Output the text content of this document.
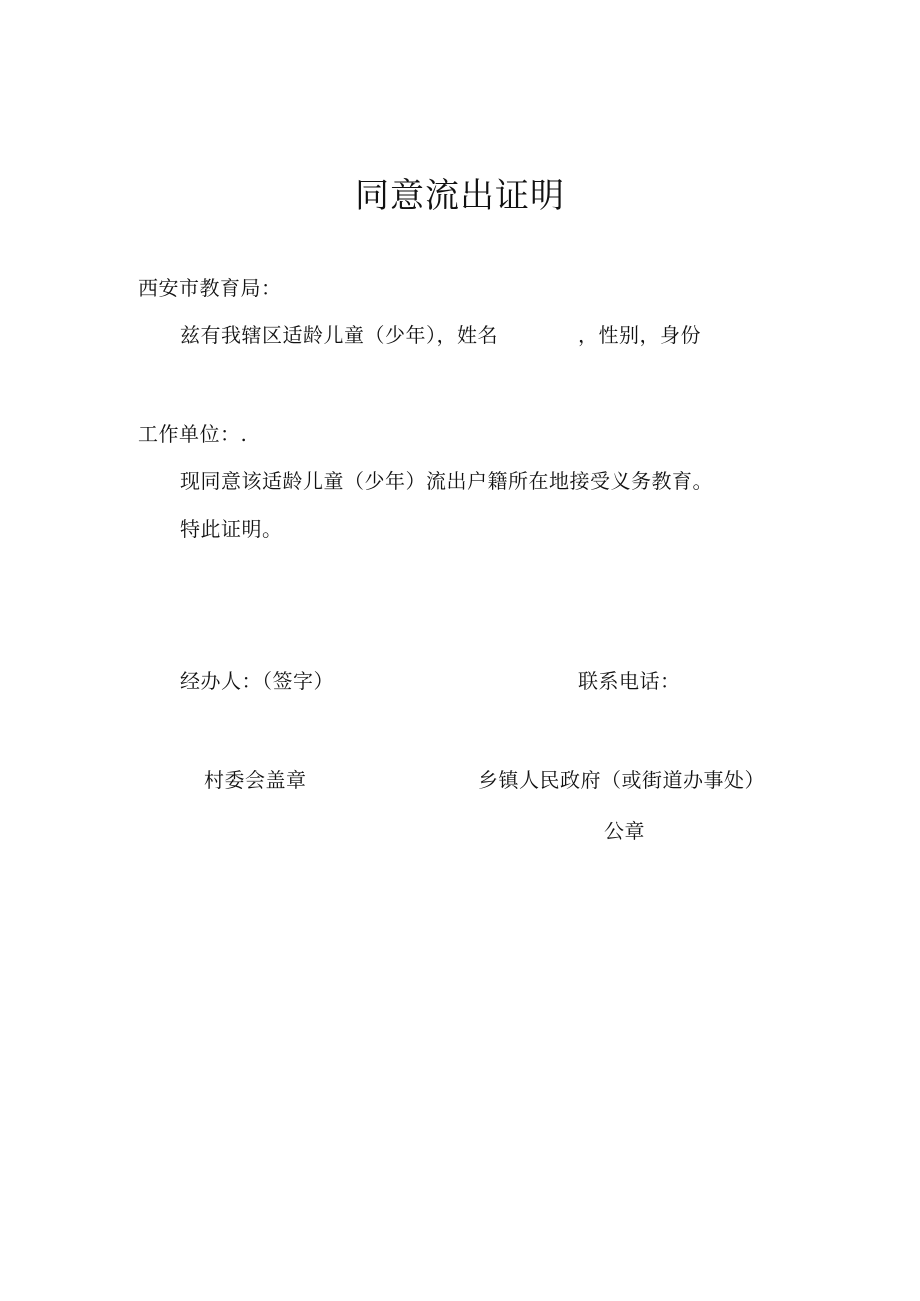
同意流出证明
西安市教育局：
兹有我辖区适龄儿童（少年），姓名	，性别，身份
工作单位：.
现同意该适龄儿童（少年）流出户籍所在地接受义务教育。
特此证明。
经办人：（签字）	联系电话：
村委会盖章	乡镇人民政府（或街道办事处）
公章
